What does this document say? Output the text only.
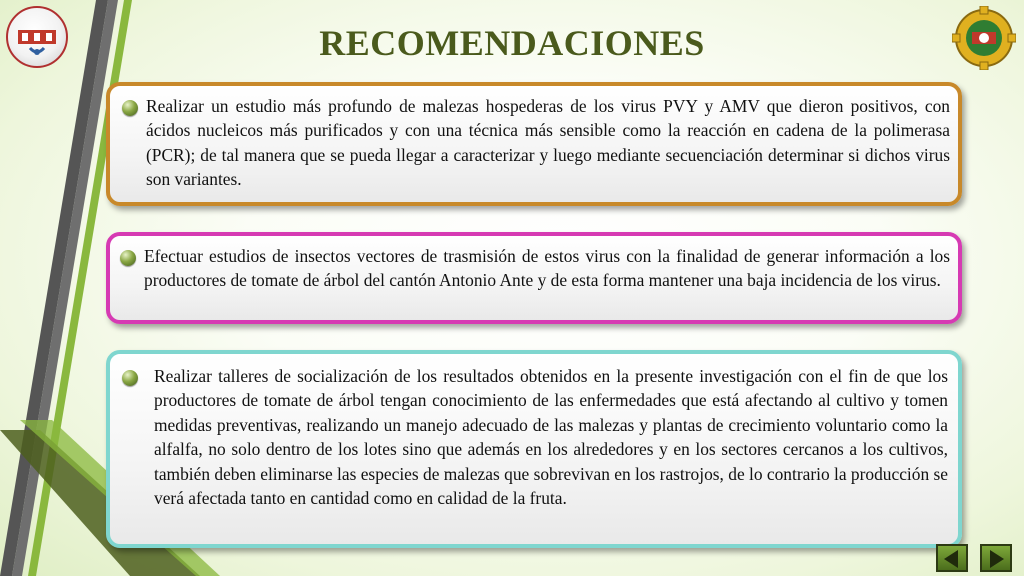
RECOMENDACIONES
Realizar un estudio más profundo de malezas hospederas de los virus PVY y AMV que dieron positivos, con ácidos nucleicos más purificados y con una técnica más sensible como la reacción en cadena de la polimerasa (PCR); de tal manera que se pueda llegar a caracterizar y luego mediante secuenciación determinar si dichos virus son variantes.
Efectuar estudios de insectos vectores de trasmisión de estos virus con la finalidad de generar información a los productores de tomate de árbol del cantón Antonio Ante y de esta forma mantener una baja incidencia de los virus.
Realizar talleres de socialización de los resultados obtenidos en la presente investigación con el fin de que los productores de tomate de árbol tengan conocimiento de las enfermedades que está afectando al cultivo y tomen medidas preventivas, realizando un manejo adecuado de las malezas y plantas de crecimiento voluntario como la alfalfa, no solo dentro de los lotes sino que además en los alrededores y en los sectores cercanos a los cultivos, también deben eliminarse las especies de malezas que sobrevivan en los rastrojos, de lo contrario la producción se verá afectada tanto en cantidad como en calidad de la fruta.
